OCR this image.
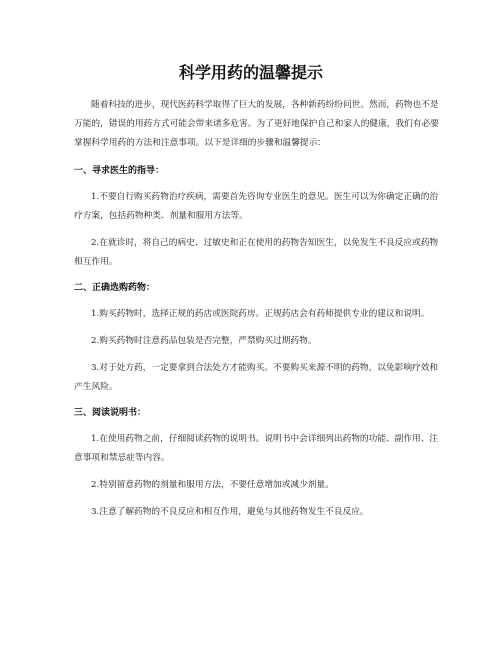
科学用药的温馨提示

随着科技的进步，现代医药科学取得了巨大的发展，各种新药纷纷问世。然而，药物也不是万能的，错误的用药方式可能会带来诸多危害。为了更好地保护自己和家人的健康，我们有必要掌握科学用药的方法和注意事项。以下是详细的步骤和温馨提示：

一、寻求医生的指导：

1.不要自行购买药物治疗疾病，需要首先咨询专业医生的意见。医生可以为你确定正确的治疗方案，包括药物种类、剂量和服用方法等。

2.在就诊时，将自己的病史、过敏史和正在使用的药物告知医生，以免发生不良反应或药物相互作用。

二、正确选购药物：

1.购买药物时，选择正规的药店或医院药房。正规药店会有药师提供专业的建议和说明。

2.购买药物时注意药品包装是否完整，严禁购买过期药物。

3.对于处方药，一定要拿到合法处方才能购买。不要购买来源不明的药物，以免影响疗效和产生风险。

三、阅读说明书：

1.在使用药物之前，仔细阅读药物的说明书。说明书中会详细列出药物的功能、副作用、注意事项和禁忌症等内容。

2.特别留意药物的剂量和服用方法，不要任意增加或减少剂量。

3.注意了解药物的不良反应和相互作用，避免与其他药物发生不良反应。
